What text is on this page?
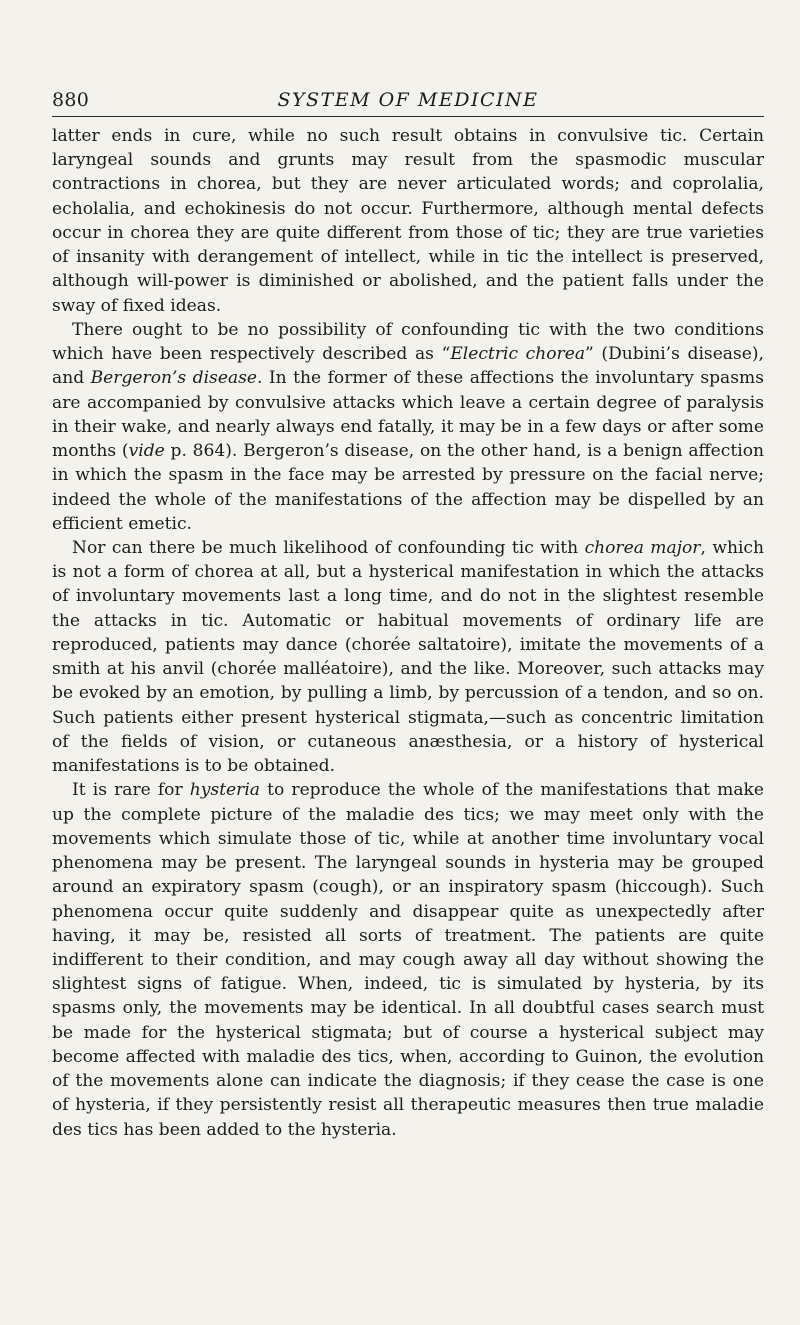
880	SYSTEM OF MEDICINE

latter ends in cure, while no such result obtains in convulsive tic. Certain laryngeal sounds and grunts may result from the spasmodic muscular contractions in chorea, but they are never articulated words; and coprolalia, echolalia, and echokinesis do not occur. Furthermore, although mental defects occur in chorea they are quite different from those of tic; they are true varieties of insanity with derangement of intellect, while in tic the intellect is preserved, although will-power is diminished or abolished, and the patient falls under the sway of fixed ideas.

There ought to be no possibility of confounding tic with the two conditions which have been respectively described as “Electric chorea” (Dubini’s disease), and Bergeron’s disease. In the former of these affections the involuntary spasms are accompanied by convulsive attacks which leave a certain degree of paralysis in their wake, and nearly always end fatally, it may be in a few days or after some months (vide p. 864). Bergeron’s disease, on the other hand, is a benign affection in which the spasm in the face may be arrested by pressure on the facial nerve; indeed the whole of the manifestations of the affection may be dispelled by an efficient emetic.

Nor can there be much likelihood of confounding tic with chorea major, which is not a form of chorea at all, but a hysterical manifestation in which the attacks of involuntary movements last a long time, and do not in the slightest resemble the attacks in tic. Automatic or habitual movements of ordinary life are reproduced, patients may dance (chorée saltatoire), imitate the movements of a smith at his anvil (chorée malléatoire), and the like. Moreover, such attacks may be evoked by an emotion, by pulling a limb, by percussion of a tendon, and so on. Such patients either present hysterical stigmata,—such as concentric limitation of the fields of vision, or cutaneous anæsthesia, or a history of hysterical manifestations is to be obtained.

It is rare for hysteria to reproduce the whole of the manifestations that make up the complete picture of the maladie des tics; we may meet only with the movements which simulate those of tic, while at another time involuntary vocal phenomena may be present. The laryngeal sounds in hysteria may be grouped around an expiratory spasm (cough), or an inspiratory spasm (hiccough). Such phenomena occur quite suddenly and disappear quite as unexpectedly after having, it may be, resisted all sorts of treatment. The patients are quite indifferent to their condition, and may cough away all day without showing the slightest signs of fatigue. When, indeed, tic is simulated by hysteria, by its spasms only, the movements may be identical. In all doubtful cases search must be made for the hysterical stigmata; but of course a hysterical subject may become affected with maladie des tics, when, according to Guinon, the evolution of the movements alone can indicate the diagnosis; if they cease the case is one of hysteria, if they persistently resist all therapeutic measures then true maladie des tics has been added to the hysteria.
